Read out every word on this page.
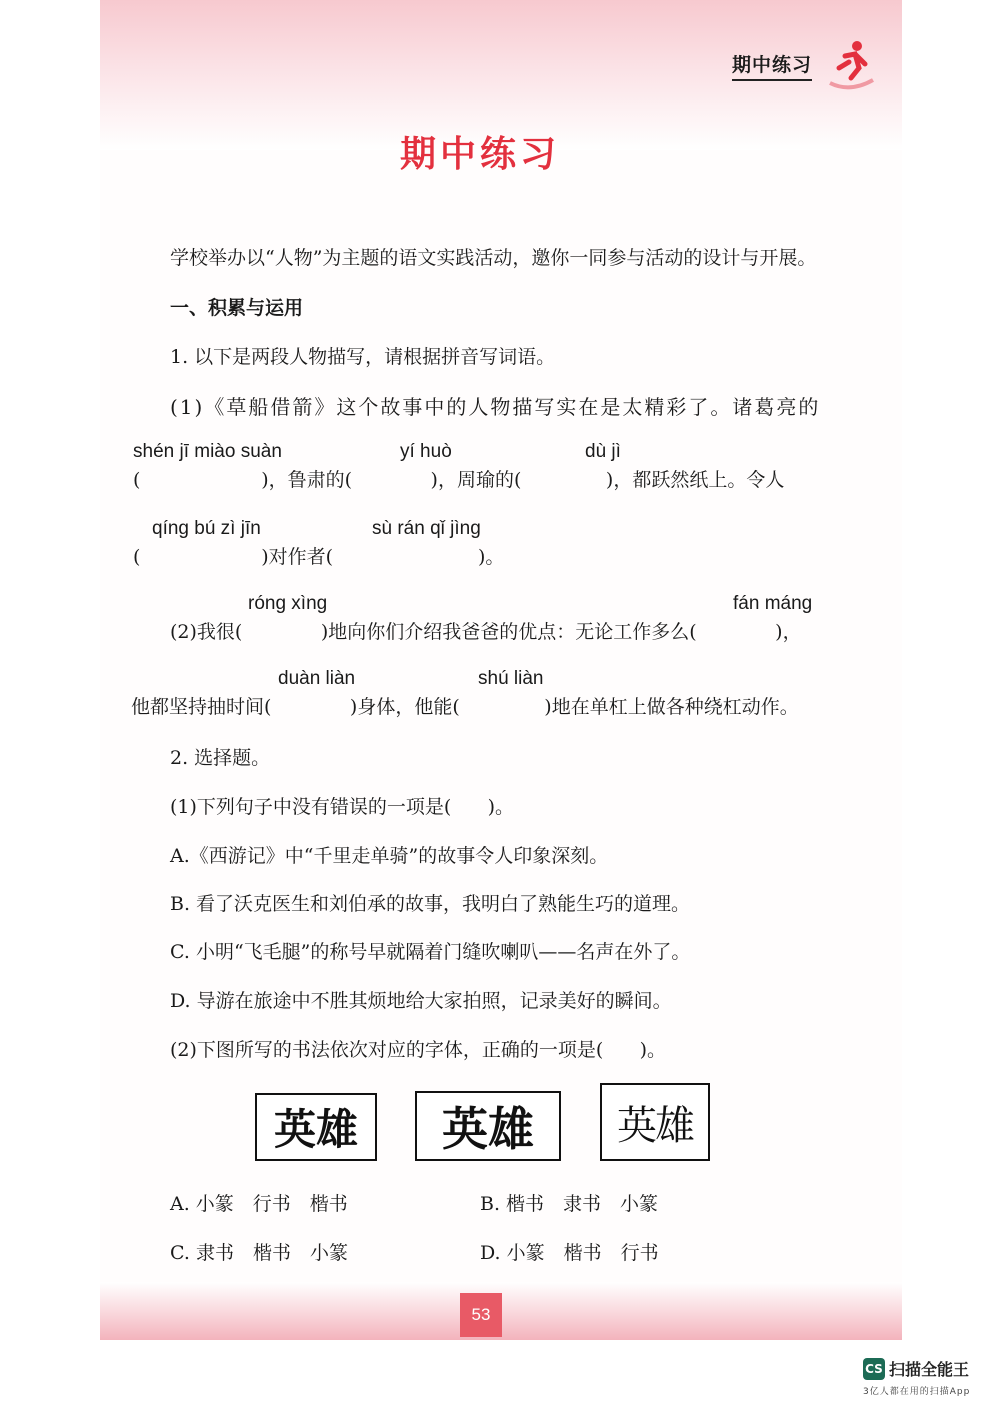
期中练习
期中练习
学校举办以“人物”为主题的语文实践活动，邀你一同参与活动的设计与开展。
一、积累与运用
1. 以下是两段人物描写，请根据拼音写词语。
(1)《草船借箭》这个故事中的人物描写实在是太精彩了。诸葛亮的
shén jī miào suàn	yí huò	dù jì
(                    )，鲁肃的(             )，周瑜的(              )，都跃然纸上。令人
qíng bú zì jīn	sù rán qǐ jìng
(                    )对作者(                        )。
róng xìng	fán máng
(2)我很(             )地向你们介绍我爸爸的优点：无论工作多么(             )，
duàn liàn	shú liàn
他都坚持抽时间(             )身体，他能(              )地在单杠上做各种绕杠动作。
2. 选择题。
(1)下列句子中没有错误的一项是(      )。
A.《西游记》中“千里走单骑”的故事令人印象深刻。
B. 看了沃克医生和刘伯承的故事，我明白了熟能生巧的道理。
C. 小明“飞毛腿”的称号早就隔着门缝吹喇叭——名声在外了。
D. 导游在旅途中不胜其烦地给大家拍照，记录美好的瞬间。
(2)下图所写的书法依次对应的字体，正确的一项是(      )。
英雄	英雄	英雄
A. 小篆　行书　楷书	B. 楷书　隶书　小篆
C. 隶书　楷书　小篆	D. 小篆　楷书　行书
53
CS 扫描全能王
3亿人都在用的扫描App
